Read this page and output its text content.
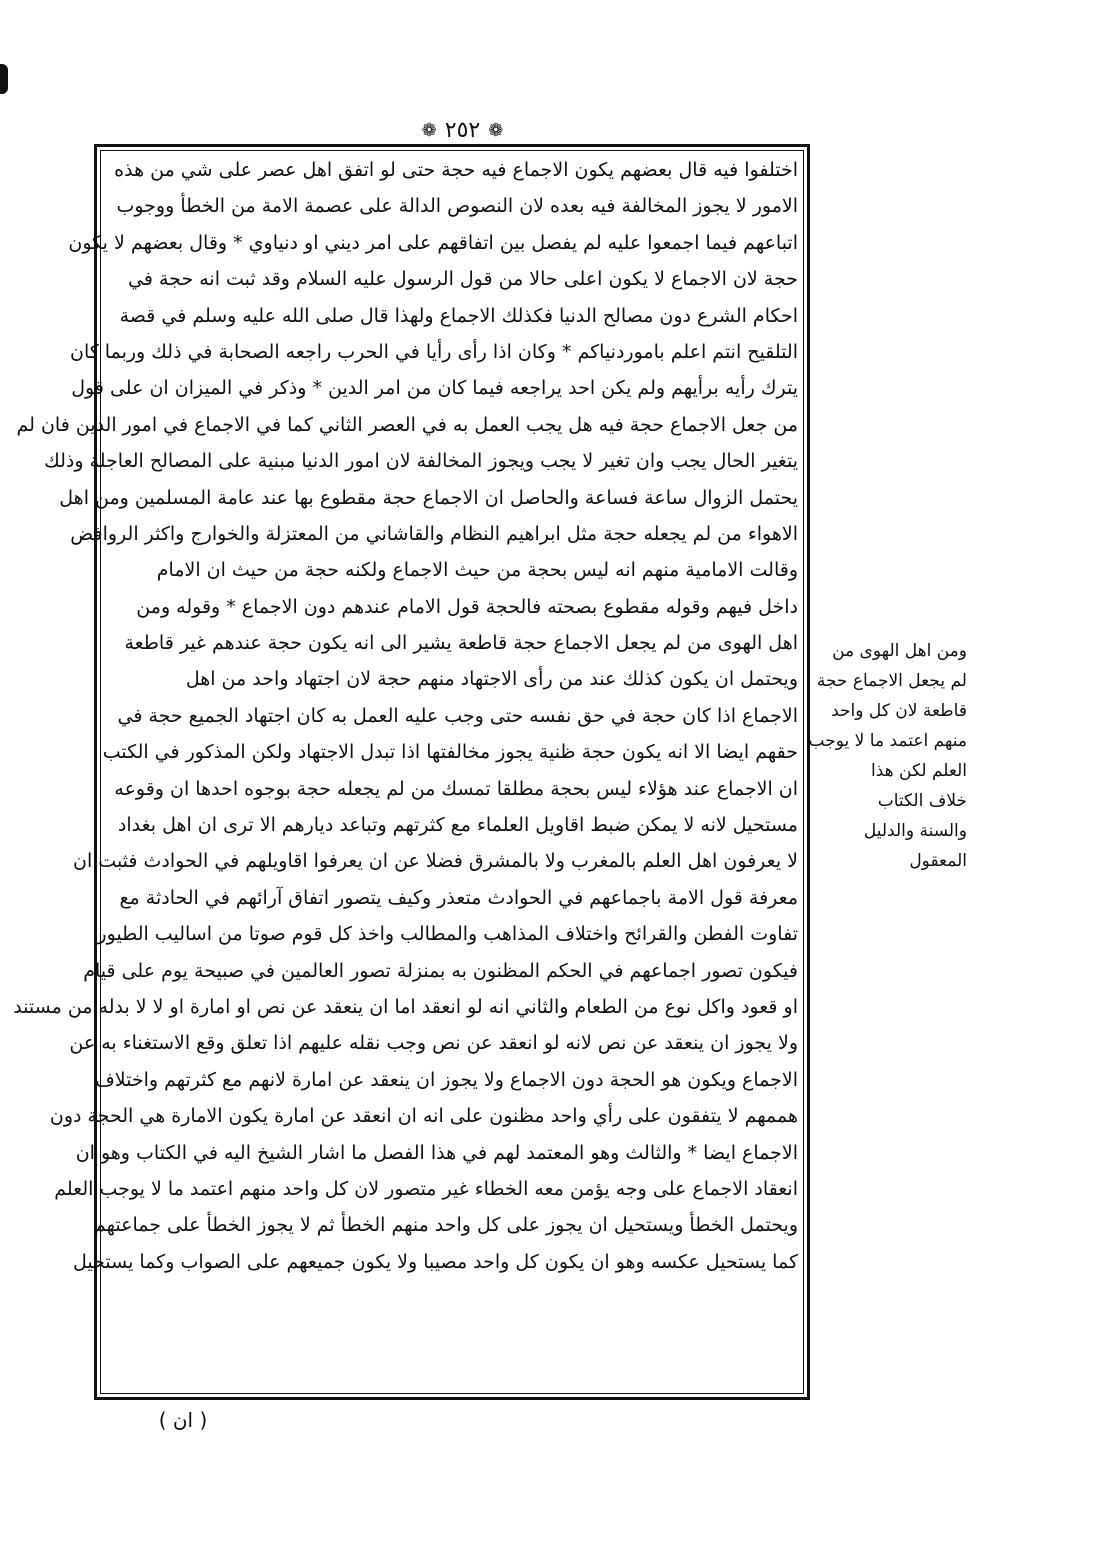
❁ ٢٥٢ ❁
اختلفوا فيه قال بعضهم يكون الاجماع فيه حجة حتى لو اتفق اهل عصر على شي من هذه
الامور لا يجوز المخالفة فيه بعده لان النصوص الدالة على عصمة الامة من الخطأ ووجوب
اتباعهم فيما اجمعوا عليه لم يفصل بين اتفاقهم على امر ديني او دنياوي * وقال بعضهم لا يكون
حجة لان الاجماع لا يكون اعلى حالا من قول الرسول عليه السلام وقد ثبت انه حجة في
احكام الشرع دون مصالح الدنيا فكذلك الاجماع ولهذا قال صلى الله عليه وسلم في قصة
التلقيح انتم اعلم باموردنياكم * وكان اذا رأى رأيا في الحرب راجعه الصحابة في ذلك وربما كان
يترك رأيه برأيهم ولم يكن احد يراجعه فيما كان من امر الدين * وذكر في الميزان ان على قول
من جعل الاجماع حجة فيه هل يجب العمل به في العصر الثاني كما في الاجماع في امور الدين فان لم
يتغير الحال يجب وان تغير لا يجب ويجوز المخالفة لان امور الدنيا مبنية على المصالح العاجلة وذلك
يحتمل الزوال ساعة فساعة والحاصل ان الاجماع حجة مقطوع بها عند عامة المسلمين ومن اهل
الاهواء من لم يجعله حجة مثل ابراهيم النظام والقاشاني من المعتزلة والخوارج واكثر الروافض
وقالت الامامية منهم انه ليس بحجة من حيث الاجماع ولكنه حجة من حيث ان الامام
داخل فيهم وقوله مقطوع بصحته فالحجة قول الامام عندهم دون الاجماع * وقوله ومن
اهل الهوى من لم يجعل الاجماع حجة قاطعة يشير الى انه يكون حجة عندهم غير قاطعة
ويحتمل ان يكون كذلك عند من رأى الاجتهاد منهم حجة لان اجتهاد واحد من اهل
الاجماع اذا كان حجة في حق نفسه حتى وجب عليه العمل به كان اجتهاد الجميع حجة في
حقهم ايضا الا انه يكون حجة ظنية يجوز مخالفتها اذا تبدل الاجتهاد ولكن المذكور في الكتب
ان الاجماع عند هؤلاء ليس بحجة مطلقا تمسك من لم يجعله حجة بوجوه احدها ان وقوعه
مستحيل لانه لا يمكن ضبط اقاويل العلماء مع كثرتهم وتباعد ديارهم الا ترى ان اهل بغداد
لا يعرفون اهل العلم بالمغرب ولا بالمشرق فضلا عن ان يعرفوا اقاويلهم في الحوادث فثبت ان
معرفة قول الامة باجماعهم في الحوادث متعذر وكيف يتصور اتفاق آرائهم في الحادثة مع
تفاوت الفطن والقرائح واختلاف المذاهب والمطالب واخذ كل قوم صوتا من اساليب الطيور
فيكون تصور اجماعهم في الحكم المظنون به بمنزلة تصور العالمين في صبيحة يوم على قيام
او قعود واكل نوع من الطعام والثاني انه لو انعقد اما ان ينعقد عن نص او امارة او لا لا بدله من مستند
ولا يجوز ان ينعقد عن نص لانه لو انعقد عن نص وجب نقله عليهم اذا تعلق وقع الاستغناء به عن
الاجماع ويكون هو الحجة دون الاجماع ولا يجوز ان ينعقد عن امارة لانهم مع كثرتهم واختلاف
هممهم لا يتفقون على رأي واحد مظنون على انه ان انعقد عن امارة يكون الامارة هي الحجة دون
الاجماع ايضا * والثالث وهو المعتمد لهم في هذا الفصل ما اشار الشيخ اليه في الكتاب وهو ان
انعقاد الاجماع على وجه يؤمن معه الخطاء غير متصور لان كل واحد منهم اعتمد ما لا يوجب العلم
ويحتمل الخطأ ويستحيل ان يجوز على كل واحد منهم الخطأ ثم لا يجوز الخطأ على جماعتهم
كما يستحيل عكسه وهو ان يكون كل واحد مصيبا ولا يكون جميعهم على الصواب وكما يستحيل
ومن اهل الهوى من
لم يجعل الاجماع حجة
قاطعة لان كل واحد
منهم اعتمد ما لا يوجب
العلم لكن هذا
خلاف الكتاب
والسنة والدليل
المعقول
( ان )
